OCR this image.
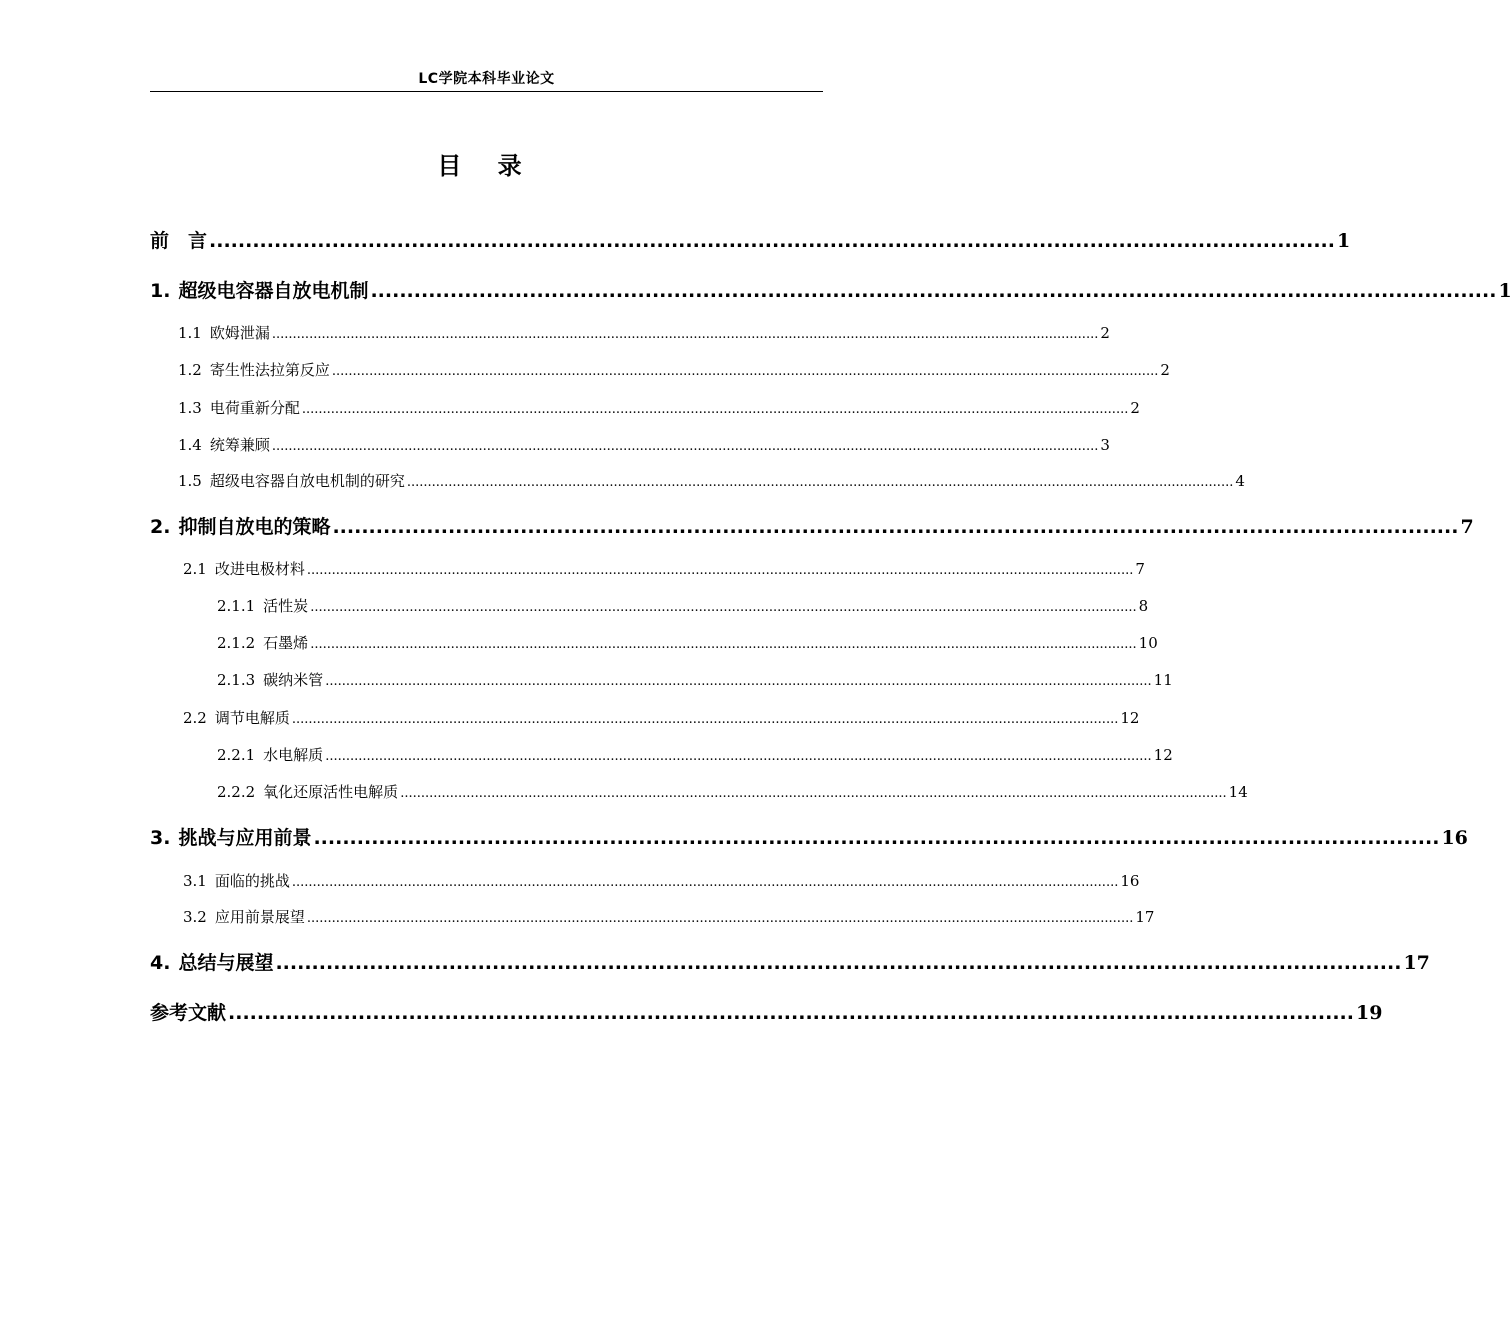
LC学院本科毕业论文
目 录
前　言 ............................................................................................................................................................ 1
1. 超级电容器自放电机制 ............................................................................................................................................................ 1
1.1 欧姆泄漏 ........................................................................................................................................................................................................ 2
1.2 寄生性法拉第反应 ........................................................................................................................................................................................................ 2
1.3 电荷重新分配 ........................................................................................................................................................................................................ 2
1.4 统筹兼顾 ........................................................................................................................................................................................................ 3
1.5 超级电容器自放电机制的研究 ........................................................................................................................................................................................................ 4
2. 抑制自放电的策略 ............................................................................................................................................................ 7
2.1 改进电极材料 ........................................................................................................................................................................................................ 7
2.1.1 活性炭 ........................................................................................................................................................................................................ 8
2.1.2 石墨烯 ........................................................................................................................................................................................................ 10
2.1.3 碳纳米管 ........................................................................................................................................................................................................ 11
2.2 调节电解质 ........................................................................................................................................................................................................ 12
2.2.1 水电解质 ........................................................................................................................................................................................................ 12
2.2.2 氧化还原活性电解质 ........................................................................................................................................................................................................ 14
3. 挑战与应用前景 ............................................................................................................................................................ 16
3.1 面临的挑战 ........................................................................................................................................................................................................ 16
3.2 应用前景展望 ........................................................................................................................................................................................................ 17
4. 总结与展望 ............................................................................................................................................................ 17
参考文献 ............................................................................................................................................................ 19
